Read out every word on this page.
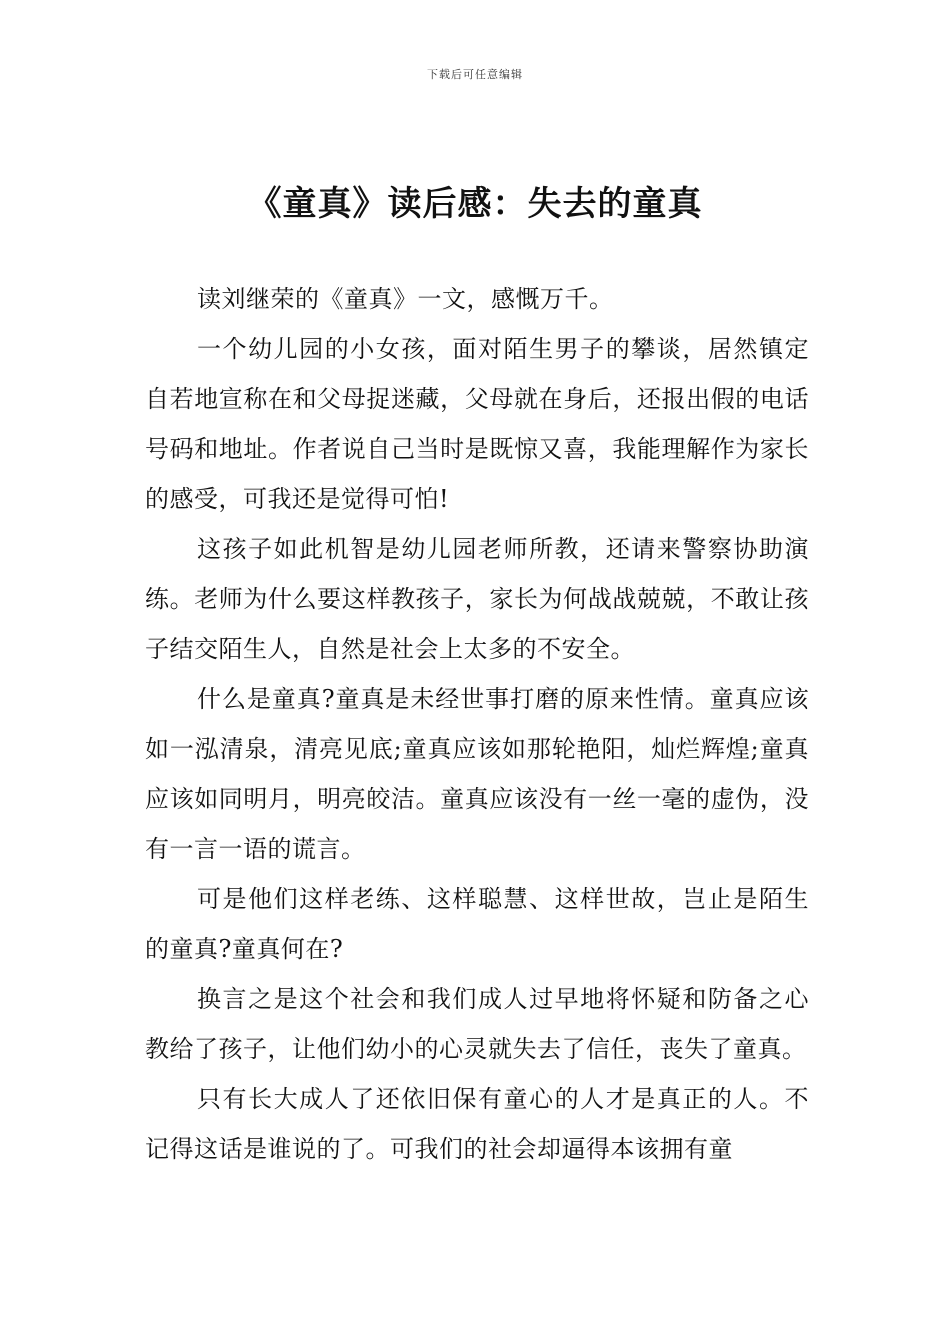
下载后可任意编辑
《童真》读后感：失去的童真

读刘继荣的《童真》一文，感慨万千。

一个幼儿园的小女孩，面对陌生男子的攀谈，居然镇定自若地宣称在和父母捉迷藏，父母就在身后，还报出假的电话号码和地址。作者说自己当时是既惊又喜，我能理解作为家长的感受，可我还是觉得可怕!

这孩子如此机智是幼儿园老师所教，还请来警察协助演练。老师为什么要这样教孩子，家长为何战战兢兢，不敢让孩子结交陌生人，自然是社会上太多的不安全。

什么是童真?童真是未经世事打磨的原来性情。童真应该如一泓清泉，清亮见底;童真应该如那轮艳阳，灿烂辉煌;童真应该如同明月，明亮皎洁。童真应该没有一丝一毫的虚伪，没有一言一语的谎言。

可是他们这样老练、这样聪慧、这样世故，岂止是陌生的童真?童真何在?

换言之是这个社会和我们成人过早地将怀疑和防备之心教给了孩子，让他们幼小的心灵就失去了信任，丧失了童真。

只有长大成人了还依旧保有童心的人才是真正的人。不记得这话是谁说的了。可我们的社会却逼得本该拥有童
